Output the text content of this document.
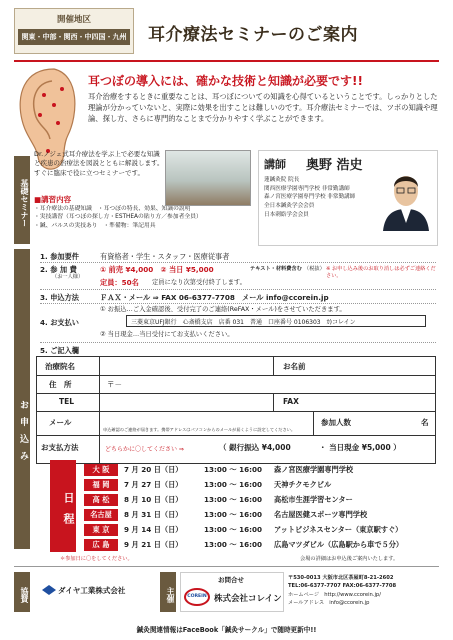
開催地区
関東・中部・関西・中四国・九州 耳介療法セミナーのご案内
耳つぼの導入には、確かな技術と知識が必要です!!
耳介治療をするときに重要なことは、耳つぼについての知識を心得ているということです。しっかりとした理論が分かっていないと、実際に効果を出すことは難しいのです。耳介療法セミナーでは、ツボの知識や理論、探し方、さらに専門的なことまで分かりやすく学ぶことができます。
基礎セミナー
Dr.ノジェ式耳介療法を学ぶ上で必要な知識と疾患の治療法を図説とともに解説します。すぐに臨床で役に立つセミナーです。
■講習内容
・耳介療法の基礎知識　・耳つぼの特長、効果、知識の説明
・実技講習（耳つぼの探し方・ESTHEAの貼り方／参加者全員）
・鍼、パルスの実技あり　・準備物：筆記用具
講師 奥野 浩史
蓮鍼灸院 院長
関西医療学園専門学校 非常勤講師
森ノ宮医療学園専門学校 非常勤講師
全日本鍼灸学会会員
日本刺絡学会会員
お申込み
1. 参加要件	有資格者・学生・スタッフ・医療従事者
2. 参 加 費
（お一人様）
① 前売 ¥4,000　② 当日 ¥5,000	テキスト・材料費含む （税抜） ※ お申し込み後のお取り消しは必ずご連絡ください。
定員：50名 定員になり次第受付終了します。
3. 申込方法	ＦＡＸ・メール ⇒ FAX 06-6377-7708　メール info@ccorein.jp
4. お支払い
① お振込…ご入金確認後、受付完了のご連絡(ReFAX・メール)をさせていただきます。
三菱東京UFJ銀行　心斎橋支店　店番 031　普通　口座番号 0106303　ｶ)コレイン
② 当日現金…当日受付にてお支払いください。
5. ご記入欄
治療院名	お名前
住　所	〒－
TEL	FAX
メール
申込確認のご連絡が届きます。携帯アドレスはパソコンからのメールが届くように設定してください。
参加人数	名
お支払方法	どちらかに〇してください ⇒	（ 銀行振込 ¥4,000	・ 当日現金 ¥5,000 ）
日程
大 阪	7 月 20 日（日）	13:00 ～ 16:00 森ノ宮医療学園専門学校
福 岡	7 月 27 日（日）	13:00 ～ 16:00 天神チクモクビル
高 松	8 月 10 日（日）	13:00 ～ 16:00 高松市生涯学習センター
名古屋	8 月 31 日（日）	13:00 ～ 16:00 名古屋医健スポーツ専門学校
東 京	9 月 14 日（日）	13:00 ～ 16:00 アットビジネスセンター（東京駅すぐ）
広 島	9 月 21 日（日）	13:00 ～ 16:00 広島マツダビル（広島駅から車で５分）
＊参加日に〇をしてください。	会場の詳細はお申込後ご案内いたします。
協賛	ダイヤ工業株式会社	主催
お問合せ
COREIN 株式会社コレイン
〒530-0013 大阪市北区茶屋町8-21-2602
TEL:06-6377-7707 FAX:06-6377-7708
ホームページ　http://www.ccorein.jp/
メールアドレス　info@ccorein.jp
鍼灸関連情報はFaceBook「鍼灸サークル」で随時更新中!!
